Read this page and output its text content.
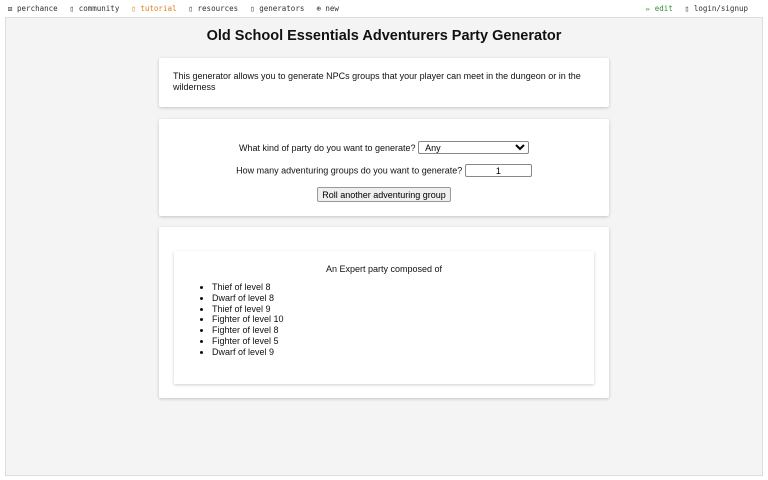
⚄ perchance	▯ community	▯ tutorial	▯ resources	▯ generators	⊕ new	✏ edit	▯ login/signup
Old School Essentials Adventurers Party Generator
This generator allows you to generate NPCs groups that your player can meet in the dungeon or in the wilderness
What kind of party do you want to generate?
Any
How many adventuring groups do you want to generate? 1
Roll another adventuring group
An Expert party composed of
• Thief of level 8
• Dwarf of level 8
• Thief of level 9
• Fighter of level 10
• Fighter of level 8
• Fighter of level 5
• Dwarf of level 9
